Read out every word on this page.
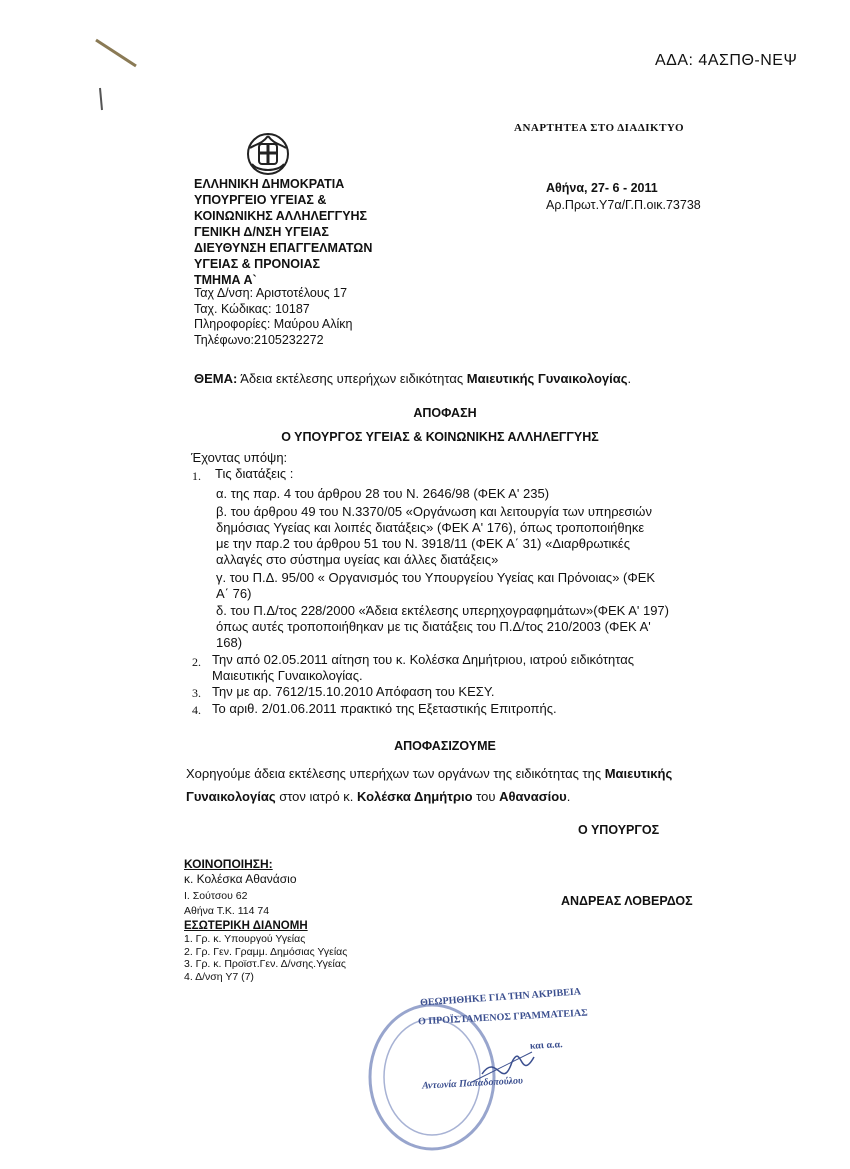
ΑΔΑ: 4ΑΣΠΘ-ΝΕΨ
ΑΝΑΡΤΗΤΕΑ ΣΤΟ ΔΙΑΔΙΚΤΥΟ
ΕΛΛΗΝΙΚΗ ΔΗΜΟΚΡΑΤΙΑ
ΥΠΟΥΡΓΕΙΟ ΥΓΕΙΑΣ &
ΚΟΙΝΩΝΙΚΗΣ ΑΛΛΗΛΕΓΓΥΗΣ
ΓΕΝΙΚΗ Δ/ΝΣΗ ΥΓΕΙΑΣ
ΔΙΕΥΘΥΝΣΗ ΕΠΑΓΓΕΛΜΑΤΩΝ
ΥΓΕΙΑΣ & ΠΡΟΝΟΙΑΣ
ΤΜΗΜΑ Α`
Ταχ Δ/νση: Αριστοτέλους 17
Ταχ. Κώδικας: 10187
Πληροφορίες: Μαύρου Αλίκη
Τηλέφωνο:2105232272
Αθήνα, 27- 6 - 2011
Αρ.Πρωτ.Υ7α/Γ.Π.οικ.73738
ΘΕΜΑ: Άδεια εκτέλεσης υπερήχων ειδικότητας Μαιευτικής Γυναικολογίας.
ΑΠΟΦΑΣΗ
Ο ΥΠΟΥΡΓΟΣ ΥΓΕΙΑΣ & ΚΟΙΝΩΝΙΚΗΣ ΑΛΛΗΛΕΓΓΥΗΣ
Έχοντας υπόψη:
1. Τις διατάξεις :
α. της παρ. 4 του άρθρου 28 του Ν. 2646/98 (ΦΕΚ Α' 235)
β. του άρθρου 49 του Ν.3370/05 «Οργάνωση και λειτουργία των υπηρεσιών
δημόσιας Υγείας και λοιπές διατάξεις» (ΦΕΚ Α' 176), όπως τροποποιήθηκε
με την παρ.2 του άρθρου 51 του Ν. 3918/11 (ΦΕΚ Α΄ 31) «Διαρθρωτικές
αλλαγές στο σύστημα υγείας και άλλες διατάξεις»
γ. του Π.Δ. 95/00 « Οργανισμός του Υπουργείου Υγείας και Πρόνοιας» (ΦΕΚ
Α΄ 76)
δ. του Π.Δ/τος 228/2000 «Άδεια εκτέλεσης υπερηχογραφημάτων»(ΦΕΚ Α' 197)
όπως αυτές τροποποιήθηκαν με τις διατάξεις του Π.Δ/τος 210/2003 (ΦΕΚ Α'
168)
2. Την από 02.05.2011 αίτηση του κ. Κολέσκα Δημήτριου, ιατρού ειδικότητας
Μαιευτικής Γυναικολογίας.
3. Την με αρ. 7612/15.10.2010 Απόφαση του ΚΕΣΥ.
4. Το αριθ. 2/01.06.2011 πρακτικό της Εξεταστικής Επιτροπής.
ΑΠΟΦΑΣΙΖΟΥΜΕ
Χορηγούμε άδεια εκτέλεσης υπερήχων των οργάνων της ειδικότητας της Μαιευτικής
Γυναικολογίας στον ιατρό κ. Κολέσκα Δημήτριο του Αθανασίου.
Ο ΥΠΟΥΡΓΟΣ
ΑΝΔΡΕΑΣ ΛΟΒΕΡΔΟΣ
ΚΟΙΝΟΠΟΙΗΣΗ:
κ. Κολέσκα Αθανάσιο
Ι. Σούτσου 62
Αθήνα Τ.Κ. 114 74
ΕΣΩΤΕΡΙΚΗ ΔΙΑΝΟΜΗ
1. Γρ. κ. Υπουργού Υγείας
2. Γρ. Γεν. Γραμμ. Δημόσιας Υγείας
3. Γρ. κ. Προϊστ.Γεν. Δ/νσης.Υγείας
4. Δ/νση Υ7 (7)
ΘΕΩΡΗΘΗΚΕ ΓΙΑ ΤΗΝ ΑΚΡΙΒΕΙΑ
Ο ΠΡΟΪΣΤΑΜΕΝΟΣ ΓΡΑΜΜΑΤΕΙΑΣ
και α.α.
Αντωνία Παπαδοπούλου
